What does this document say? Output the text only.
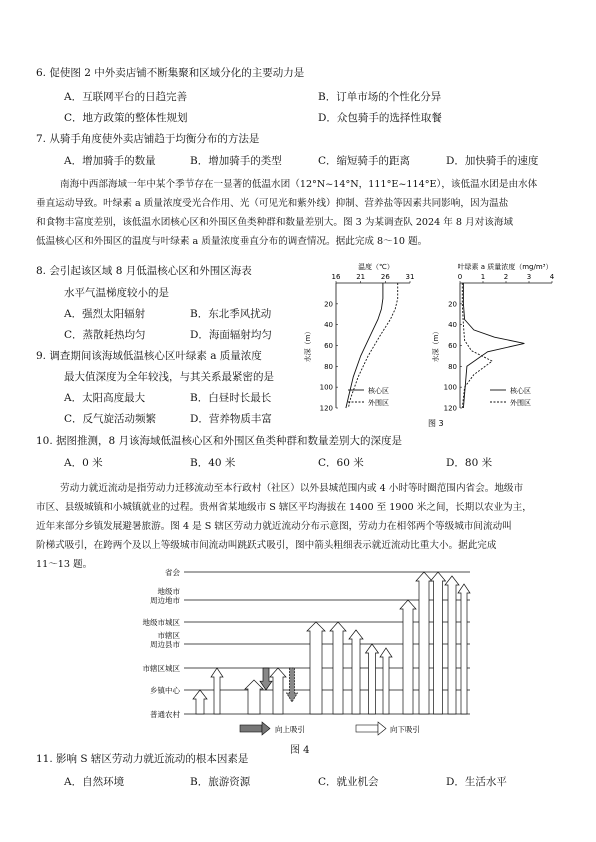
6. 促使图 2 中外卖店铺不断集聚和区域分化的主要动力是
A．互联网平台的日趋完善	B．订单市场的个性化分异
C．地方政策的整体性规划	D．众包骑手的选择性取餐
7. 从骑手角度使外卖店铺趋于均衡分布的方法是
A．增加骑手的数量	B．增加骑手的类型	C．缩短骑手的距离	D．加快骑手的速度
南海中西部海域一年中某个季节存在一显著的低温水团（12°N~14°N，111°E~114°E），该低温水团是由水体
垂直运动导致。叶绿素 a 质量浓度受光合作用、光（可见光和紫外线）抑制、营养盐等因素共同影响，因为温盐
和食物丰富度差别，该低温水团核心区和外围区鱼类种群和数量差别大。图 3 为某调查队 2024 年 8 月对该海域
低温核心区和外围区的温度与叶绿素 a 质量浓度垂直分布的调查情况。据此完成 8～10 题。
8. 会引起该区域 8 月低温核心区和外围区海表
水平气温梯度较小的是
A．强烈太阳辐射	B．东北季风扰动
C．蒸散耗热均匀	D．海面辐射均匀
9. 调查期间该海域低温核心区叶绿素 a 质量浓度
最大值深度为全年较浅，与其关系最紧密的是
A．太阳高度最大	B．白昼时长最长
C．反气旋活动频繁	D．营养物质丰富
温度（℃）
16 21 26 31
20
40
60
80
100
120
水深（m）
核心区
外围区
叶绿素 a 质量浓度（mg/m³）
0	1	2	3	4
20
40
60
80
100
120
水深（m）
核心区
外围区
图 3
10. 据图推测，8 月该海域低温核心区和外围区鱼类种群和数量差别大的深度是
A．0 米	B．40 米	C．60 米	D．80 米
劳动力就近流动是指劳动力迁移流动至本行政村（社区）以外县城范围内或 4 小时等时圈范围内省会。地级市
市区、县级城镇和小城镇就业的过程。贵州省某地级市 S 辖区平均海拔在 1400 至 1900 米之间，长期以农业为主，
近年来部分乡镇发展避暑旅游。图 4 是 S 辖区劳动力就近流动分布示意图，劳动力在相邻两个等级城市间流动叫
阶梯式吸引，在跨两个及以上等级城市间流动叫跳跃式吸引，图中箭头粗细表示就近流动比重大小。据此完成
11～13 题。
省会
地级市
周边地市
地级市城区
市辖区
周边县市
市辖区城区
乡镇中心
普通农村
向上吸引	向下吸引
图 4
11. 影响 S 辖区劳动力就近流动的根本因素是
A．自然环境	B．旅游资源	C．就业机会	D．生活水平
